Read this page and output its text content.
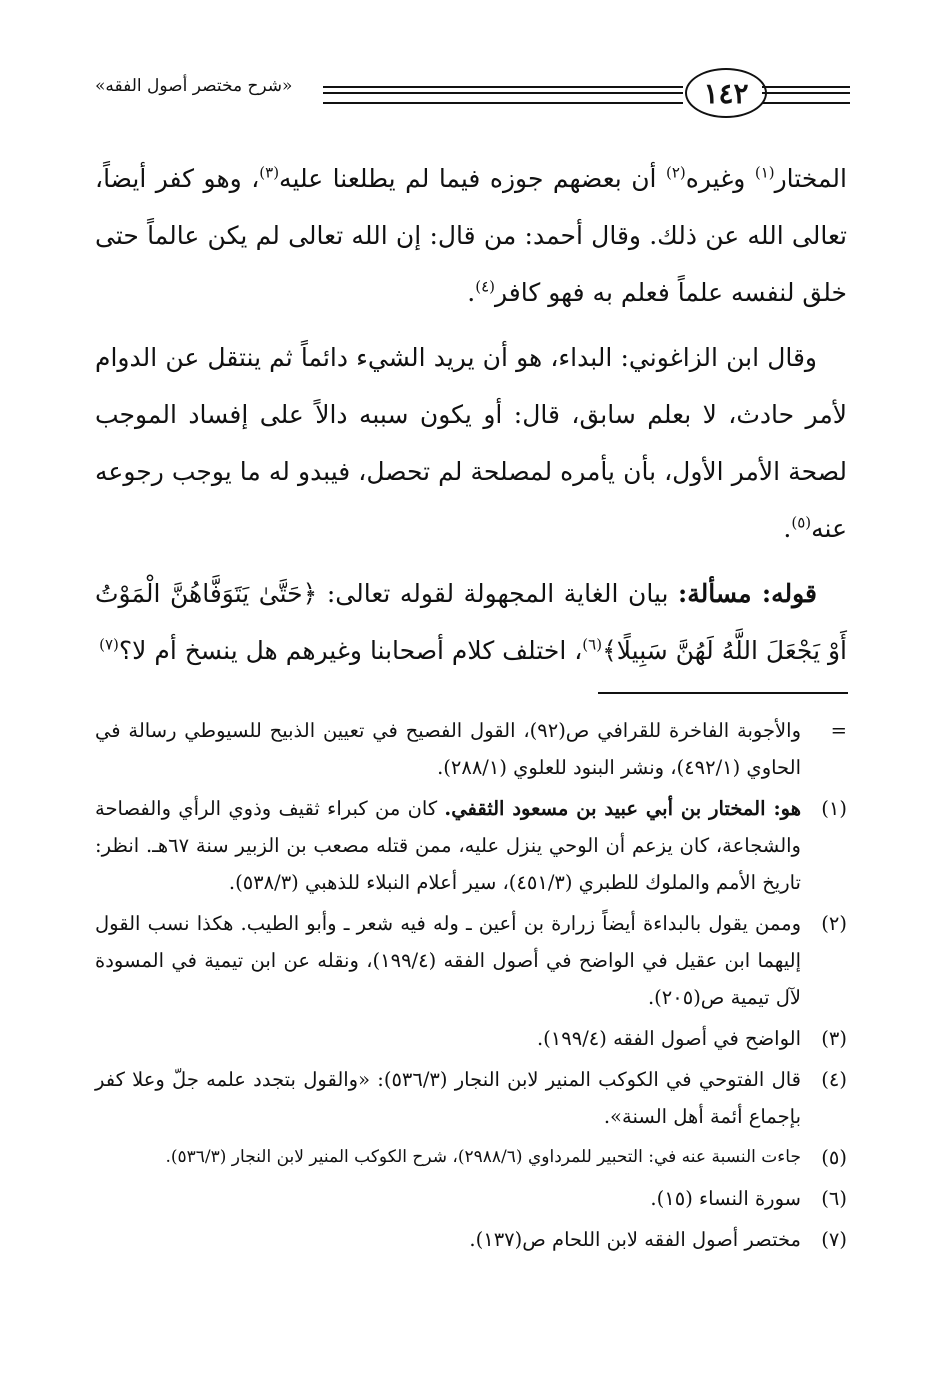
«شرح مختصر أصول الفقه»	١٤٢

المختار$^{(١)}$ وغيره$^{(٢)}$ أن بعضهم جوزه فيما لم يطلعنا عليه$^{(٣)}$، وهو كفر أيضاً، تعالى الله عن ذلك. وقال أحمد: من قال: إن الله تعالى لم يكن عالماً حتى خلق لنفسه علماً فعلم به فهو كافر$^{(٤)}$.

وقال ابن الزاغوني: البداء، هو أن يريد الشيء دائماً ثم ينتقل عن الدوام لأمر حادث، لا بعلم سابق، قال: أو يكون سببه دالاً على إفساد الموجب لصحة الأمر الأول، بأن يأمره لمصلحة لم تحصل، فيبدو له ما يوجب رجوعه عنه$^{(٥)}$.

قوله: مسألة: بيان الغاية المجهولة لقوله تعالى: ﴿حَتَّىٰ يَتَوَفَّاهُنَّ الْمَوْتُ أَوْ يَجْعَلَ اللَّهُ لَهُنَّ سَبِيلًا﴾$^{(٦)}$، اختلف كلام أصحابنا وغيرهم هل ينسخ أم لا؟$^{(٧)}$

=
والأجوبة الفاخرة للقرافي ص(٩٢)، القول الفصيح في تعيين الذبيح للسيوطي رسالة في الحاوي (٤٩٢/١)، ونشر البنود للعلوي (٢٨٨/١).
(١)
هو: المختار بن أبي عبيد بن مسعود الثقفي. كان من كبراء ثقيف وذوي الرأي والفصاحة والشجاعة، كان يزعم أن الوحي ينزل عليه، ممن قتله مصعب بن الزبير سنة ٦٧هـ. انظر: تاريخ الأمم والملوك للطبري (٤٥١/٣)، سير أعلام النبلاء للذهبي (٥٣٨/٣).
(٢)
وممن يقول بالبداءة أيضاً زرارة بن أعين ـ وله فيه شعر ـ وأبو الطيب. هكذا نسب القول إليهما ابن عقيل في الواضح في أصول الفقه (١٩٩/٤)، ونقله عن ابن تيمية في المسودة لآل تيمية ص(٢٠٥).
(٣)
الواضح في أصول الفقه (١٩٩/٤).
(٤)
قال الفتوحي في الكوكب المنير لابن النجار (٥٣٦/٣): «والقول بتجدد علمه جلّ وعلا كفر بإجماع أئمة أهل السنة».
(٥)
جاءت النسبة عنه في: التحبير للمرداوي (٢٩٨٨/٦)، شرح الكوكب المنير لابن النجار (٥٣٦/٣).
(٦)
سورة النساء (١٥).
(٧)
مختصر أصول الفقه لابن اللحام ص(١٣٧).
